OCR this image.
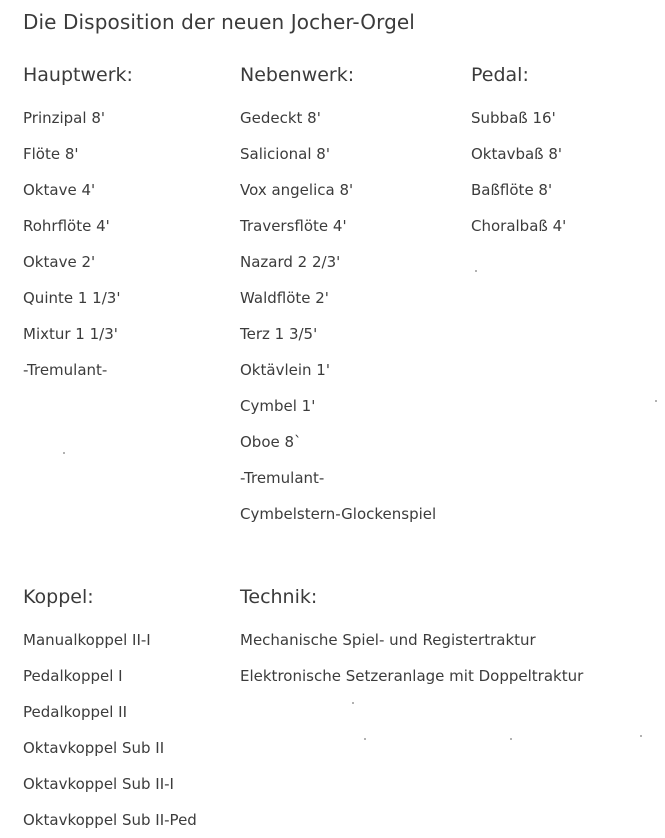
Die Disposition der neuen Jocher-Orgel
Hauptwerk:
Prinzipal 8'
Flöte 8'
Oktave 4'
Rohrflöte 4'
Oktave 2'
Quinte 1 1/3'
Mixtur 1 1/3'
-Tremulant-
Nebenwerk:
Gedeckt 8'
Salicional 8'
Vox angelica 8'
Traversflöte 4'
Nazard 2 2/3'
Waldflöte 2'
Terz 1 3/5'
Oktävlein 1'
Cymbel 1'
Oboe 8`
-Tremulant-
Cymbelstern-Glockenspiel
Pedal:
Subbaß 16'
Oktavbaß 8'
Baßflöte 8'
Choralbaß 4'
Koppel:
Manualkoppel II-I
Pedalkoppel I
Pedalkoppel II
Oktavkoppel Sub II
Oktavkoppel Sub II-I
Oktavkoppel Sub II-Ped
Technik:
Mechanische Spiel- und Registertraktur
Elektronische Setzeranlage mit Doppeltraktur
